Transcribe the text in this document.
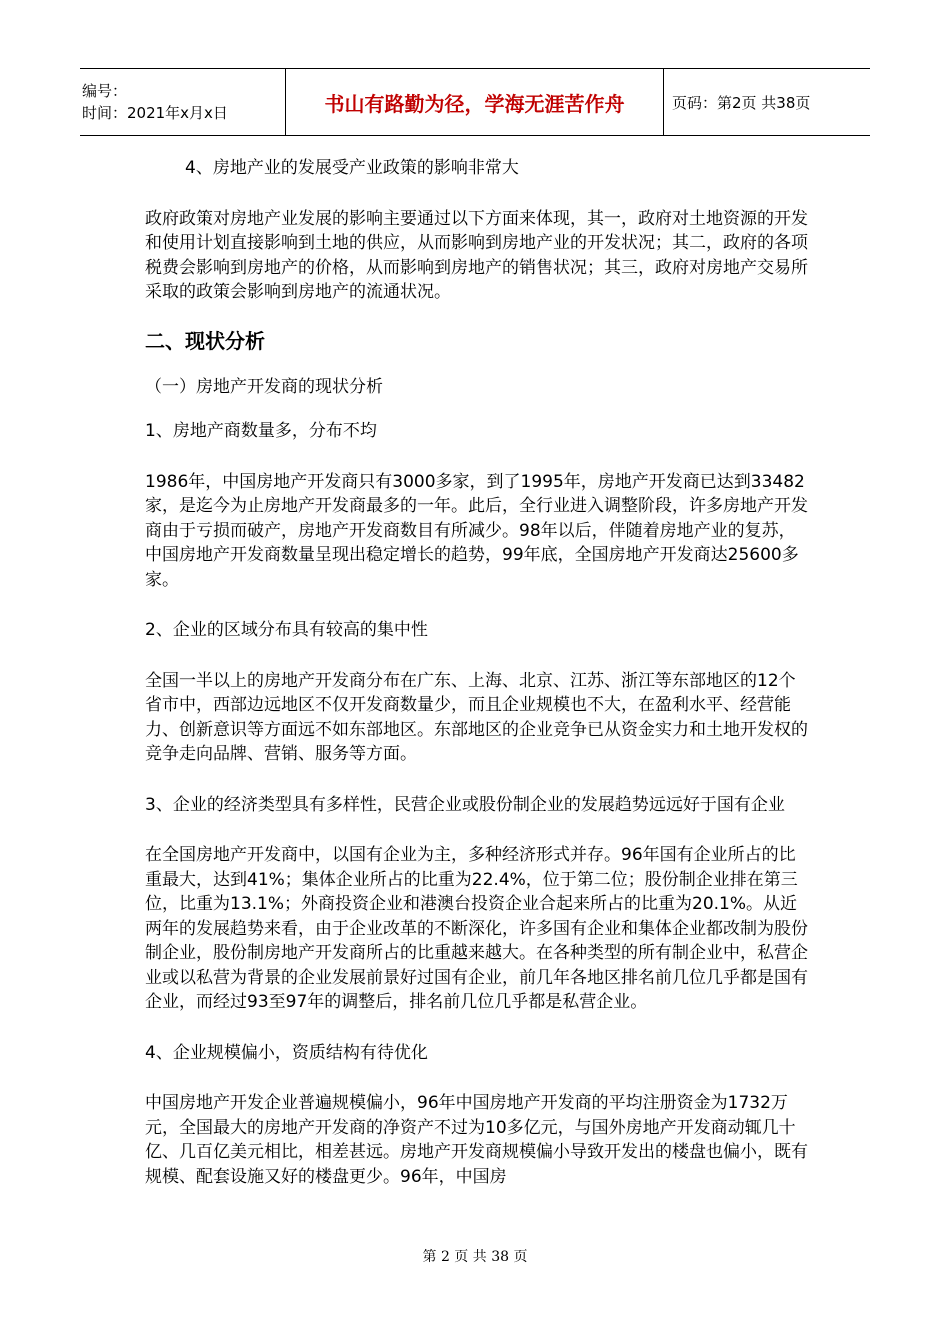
编号：
时间：2021年x月x日	书山有路勤为径，学海无涯苦作舟	页码：第2页 共38页

4、房地产业的发展受产业政策的影响非常大

政府政策对房地产业发展的影响主要通过以下方面来体现，其一，政府对土地资源的开发和使用计划直接影响到土地的供应，从而影响到房地产业的开发状况；其二，政府的各项税费会影响到房地产的价格，从而影响到房地产的销售状况；其三，政府对房地产交易所采取的政策会影响到房地产的流通状况。

二、现状分析

（一）房地产开发商的现状分析

1、房地产商数量多，分布不均

1986年，中国房地产开发商只有3000多家，到了1995年，房地产开发商已达到33482家，是迄今为止房地产开发商最多的一年。此后，全行业进入调整阶段，许多房地产开发商由于亏损而破产，房地产开发商数目有所减少。98年以后，伴随着房地产业的复苏，中国房地产开发商数量呈现出稳定增长的趋势，99年底，全国房地产开发商达25600多家。

2、企业的区域分布具有较高的集中性

全国一半以上的房地产开发商分布在广东、上海、北京、江苏、浙江等东部地区的12个省市中，西部边远地区不仅开发商数量少，而且企业规模也不大，在盈利水平、经营能力、创新意识等方面远不如东部地区。东部地区的企业竞争已从资金实力和土地开发权的竞争走向品牌、营销、服务等方面。

3、企业的经济类型具有多样性，民营企业或股份制企业的发展趋势远远好于国有企业

在全国房地产开发商中，以国有企业为主，多种经济形式并存。96年国有企业所占的比重最大，达到41%；集体企业所占的比重为22.4%，位于第二位；股份制企业排在第三位，比重为13.1%；外商投资企业和港澳台投资企业合起来所占的比重为20.1%。从近两年的发展趋势来看，由于企业改革的不断深化，许多国有企业和集体企业都改制为股份制企业，股份制房地产开发商所占的比重越来越大。在各种类型的所有制企业中，私营企业或以私营为背景的企业发展前景好过国有企业，前几年各地区排名前几位几乎都是国有企业，而经过93至97年的调整后，排名前几位几乎都是私营企业。

4、企业规模偏小，资质结构有待优化

中国房地产开发企业普遍规模偏小，96年中国房地产开发商的平均注册资金为1732万元，全国最大的房地产开发商的净资产不过为10多亿元，与国外房地产开发商动辄几十亿、几百亿美元相比，相差甚远。房地产开发商规模偏小导致开发出的楼盘也偏小，既有规模、配套设施又好的楼盘更少。96年，中国房

第 2 页 共 38 页
